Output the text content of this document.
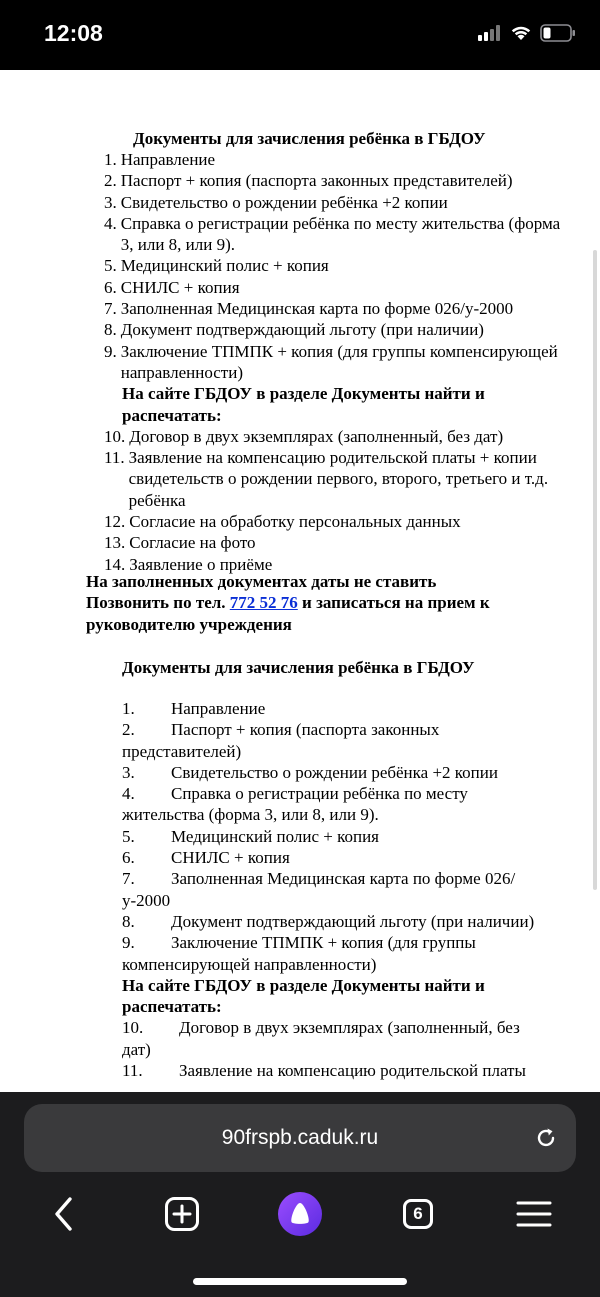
12:08
Документы для зачисления ребёнка в ГБДОУ
1. Направление
2. Паспорт + копия (паспорта законных представителей)
3. Свидетельство о рождении ребёнка +2 копии
4. Справка о регистрации ребёнка по месту жительства (форма 3, или 8, или 9).
5. Медицинский полис + копия
6. СНИЛС + копия
7. Заполненная Медицинская карта по форме 026/у-2000
8. Документ подтверждающий льготу (при наличии)
9. Заключение ТПМПК + копия (для группы компенсирующей направленности)
На сайте ГБДОУ в разделе Документы найти и распечатать:
10. Договор в двух экземплярах (заполненный, без дат)
11. Заявление на компенсацию родительской платы + копии свидетельств о рождении первого, второго, третьего и т.д. ребёнка
12. Согласие на обработку персональных данных
13. Согласие на фото
14. Заявление о приёме
На заполненных документах даты не ставить
Позвонить по тел. 772 52 76 и записаться на прием к руководителю учреждения
Документы для зачисления ребёнка в ГБДОУ
1. Направление
2. Паспорт + копия (паспорта законных представителей)
3. Свидетельство о рождении ребёнка +2 копии
4. Справка о регистрации ребёнка по месту жительства (форма 3, или 8, или 9).
5. Медицинский полис + копия
6. СНИЛС + копия
7. Заполненная Медицинская карта по форме 026/у-2000
8. Документ подтверждающий льготу (при наличии)
9. Заключение ТПМПК + копия (для группы компенсирующей направленности)
На сайте ГБДОУ в разделе Документы найти и распечатать:
10. Договор в двух экземплярах (заполненный, без дат)
11. Заявление на компенсацию родительской платы
90frspb.caduk.ru
6
